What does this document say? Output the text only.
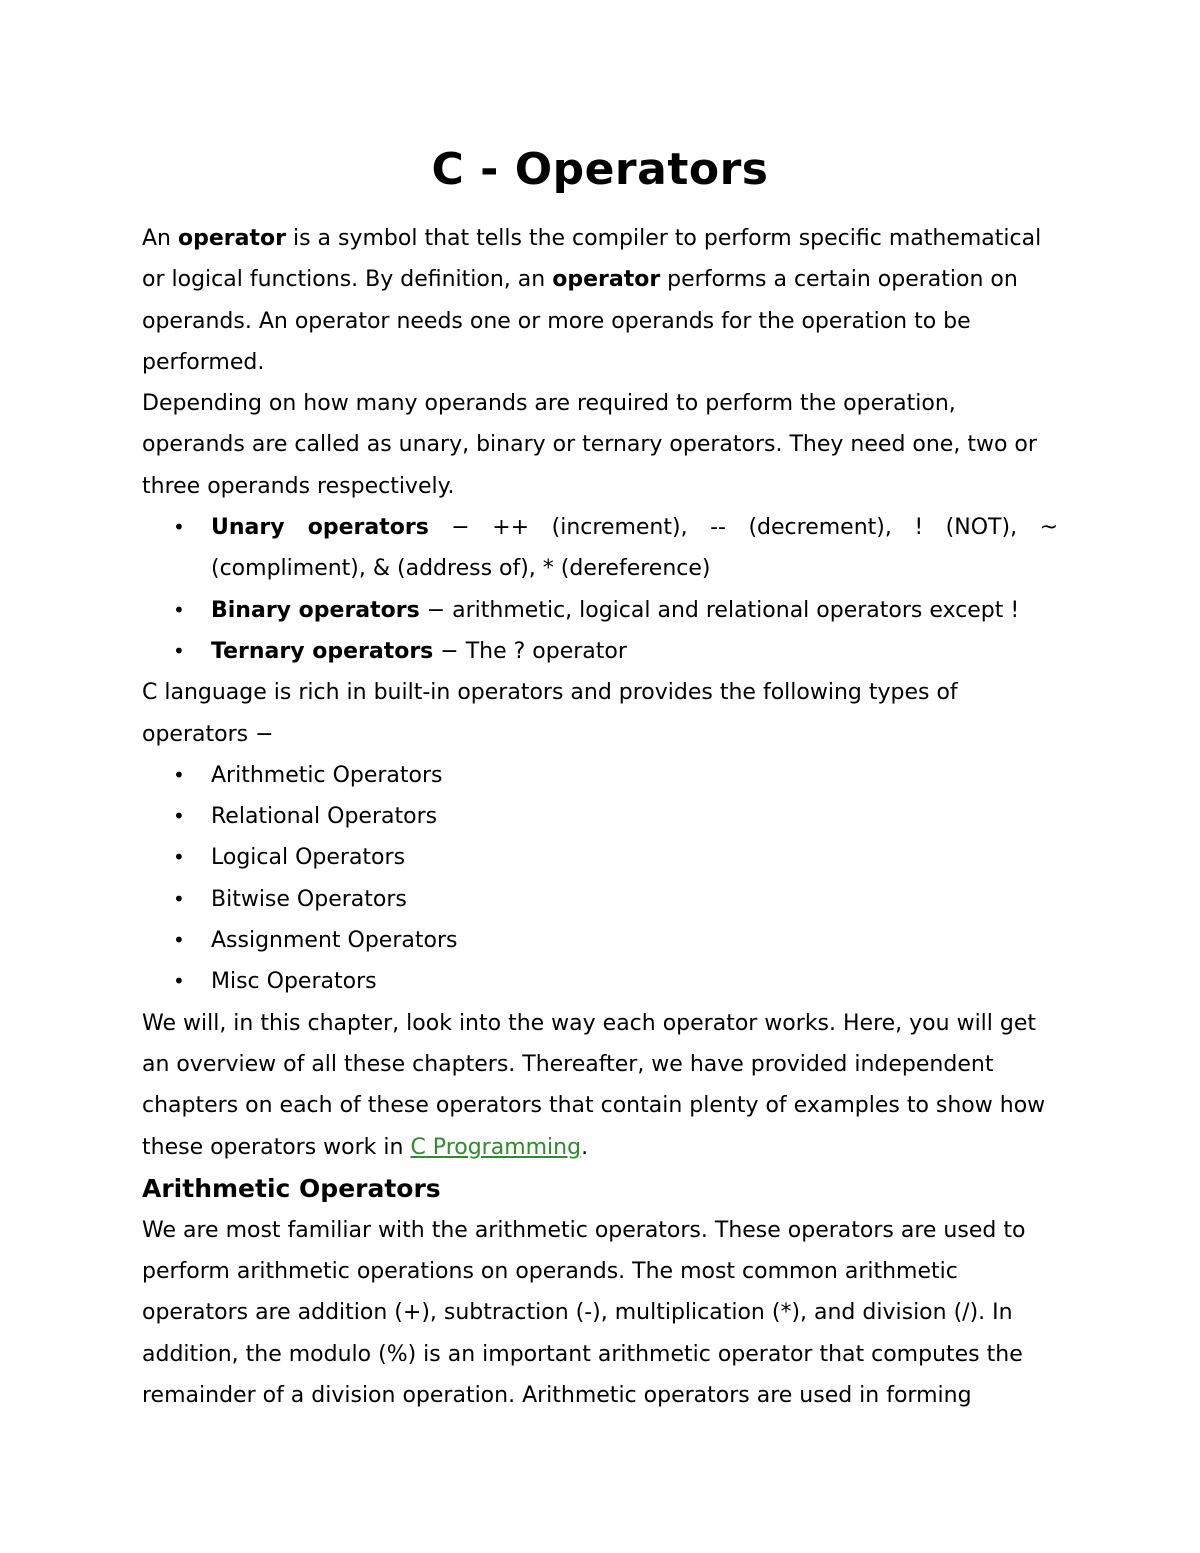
C - Operators

An operator is a symbol that tells the compiler to perform specific mathematical or logical functions. By definition, an operator performs a certain operation on operands. An operator needs one or more operands for the operation to be performed.

Depending on how many operands are required to perform the operation, operands are called as unary, binary or ternary operators. They need one, two or three operands respectively.

• Unary operators − ++ (increment), -- (decrement), ! (NOT), ~ (compliment), & (address of), * (dereference)
• Binary operators − arithmetic, logical and relational operators except !
• Ternary operators − The ? operator

C language is rich in built-in operators and provides the following types of operators −

• Arithmetic Operators
• Relational Operators
• Logical Operators
• Bitwise Operators
• Assignment Operators
• Misc Operators

We will, in this chapter, look into the way each operator works. Here, you will get an overview of all these chapters. Thereafter, we have provided independent chapters on each of these operators that contain plenty of examples to show how these operators work in C Programming.

Arithmetic Operators

We are most familiar with the arithmetic operators. These operators are used to perform arithmetic operations on operands. The most common arithmetic operators are addition (+), subtraction (-), multiplication (*), and division (/). In addition, the modulo (%) is an important arithmetic operator that computes the remainder of a division operation. Arithmetic operators are used in forming
